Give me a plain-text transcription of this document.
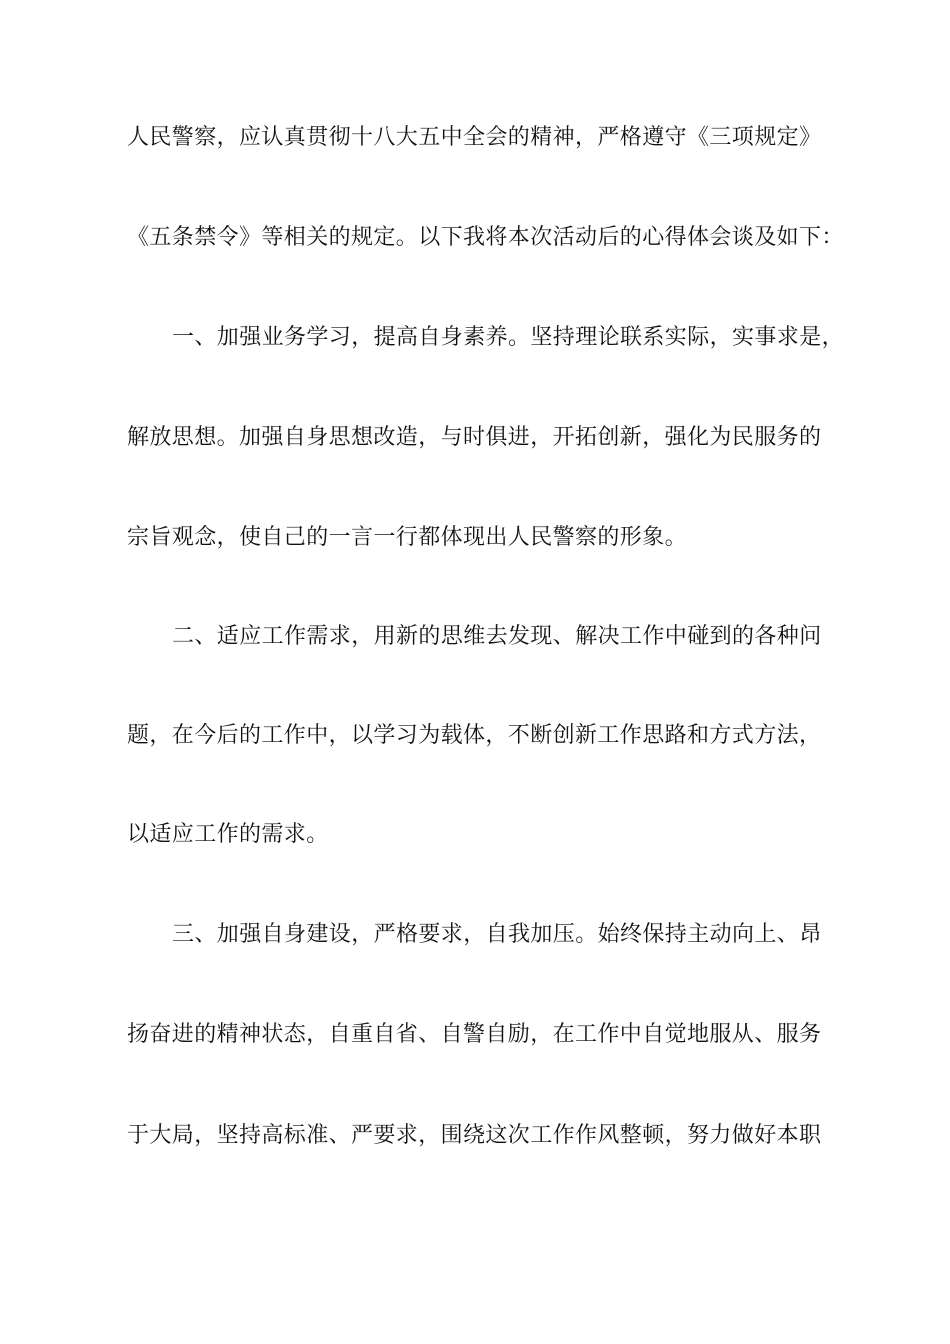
人民警察，应认真贯彻十八大五中全会的精神，严格遵守《三项规定》
《五条禁令》等相关的规定。以下我将本次活动后的心得体会谈及如下：
一、加强业务学习，提高自身素养。坚持理论联系实际，实事求是，
解放思想。加强自身思想改造，与时俱进，开拓创新，强化为民服务的
宗旨观念，使自己的一言一行都体现出人民警察的形象。
二、适应工作需求，用新的思维去发现、解决工作中碰到的各种问
题，在今后的工作中，以学习为载体，不断创新工作思路和方式方法，
以适应工作的需求。
三、加强自身建设，严格要求，自我加压。始终保持主动向上、昂
扬奋进的精神状态，自重自省、自警自励，在工作中自觉地服从、服务
于大局，坚持高标准、严要求，围绕这次工作作风整顿，努力做好本职
